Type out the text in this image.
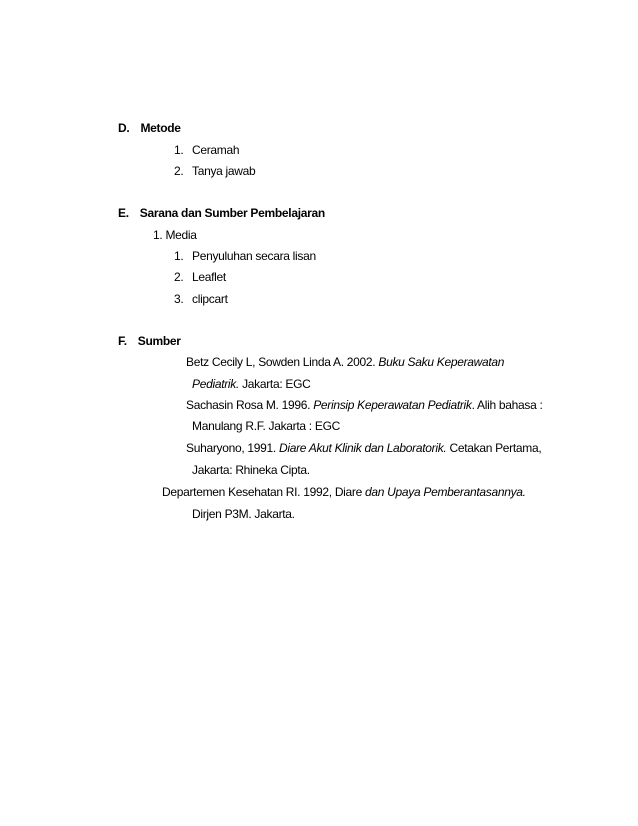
D. Metode
1. Ceramah
2. Tanya jawab
E. Sarana dan Sumber Pembelajaran
1. Media
1. Penyuluhan secara lisan
2. Leaflet
3. clipcart
F. Sumber
Betz Cecily L, Sowden Linda A. 2002. Buku Saku Keperawatan
Pediatrik. Jakarta: EGC
Sachasin Rosa M. 1996. Perinsip Keperawatan Pediatrik. Alih bahasa :
Manulang R.F. Jakarta : EGC
Suharyono, 1991. Diare Akut Klinik dan Laboratorik. Cetakan Pertama,
Jakarta: Rhineka Cipta.
Departemen Kesehatan RI. 1992, Diare dan Upaya Pemberantasannya.
Dirjen P3M. Jakarta.
